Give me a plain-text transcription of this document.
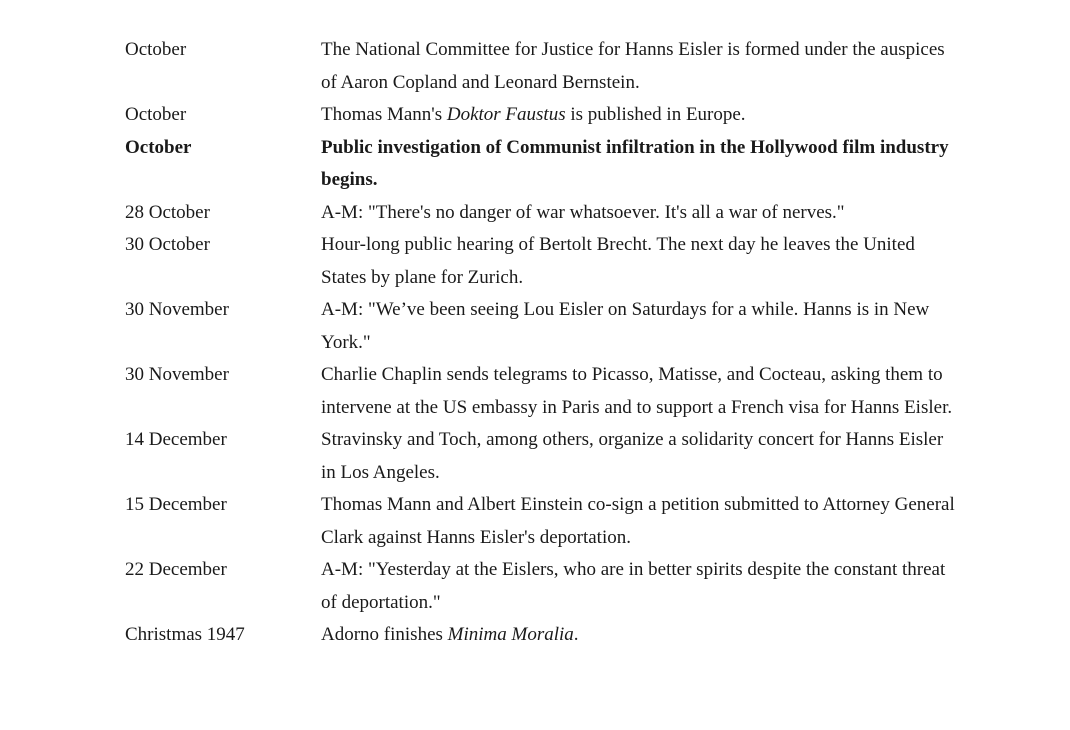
October	The National Committee for Justice for Hanns Eisler is formed under the auspices of Aaron Copland and Leonard Bernstein.
October	Thomas Mann's Doktor Faustus is published in Europe.
October	Public investigation of Communist infiltration in the Hollywood film industry begins.
28 October	A-M: "There's no danger of war whatsoever. It's all a war of nerves."
30 October	Hour-long public hearing of Bertolt Brecht. The next day he leaves the United States by plane for Zurich.
30 November	A-M: "We’ve been seeing Lou Eisler on Saturdays for a while. Hanns is in New York."
30 November	Charlie Chaplin sends telegrams to Picasso, Matisse, and Cocteau, asking them to intervene at the US embassy in Paris and to support a French visa for Hanns Eisler.
14 December	Stravinsky and Toch, among others, organize a solidarity concert for Hanns Eisler in Los Angeles.
15 December	Thomas Mann and Albert Einstein co-sign a petition submitted to Attorney General Clark against Hanns Eisler's deportation.
22 December	A-M: "Yesterday at the Eislers, who are in better spirits despite the constant threat of deportation."
Christmas 1947	Adorno finishes Minima Moralia.
